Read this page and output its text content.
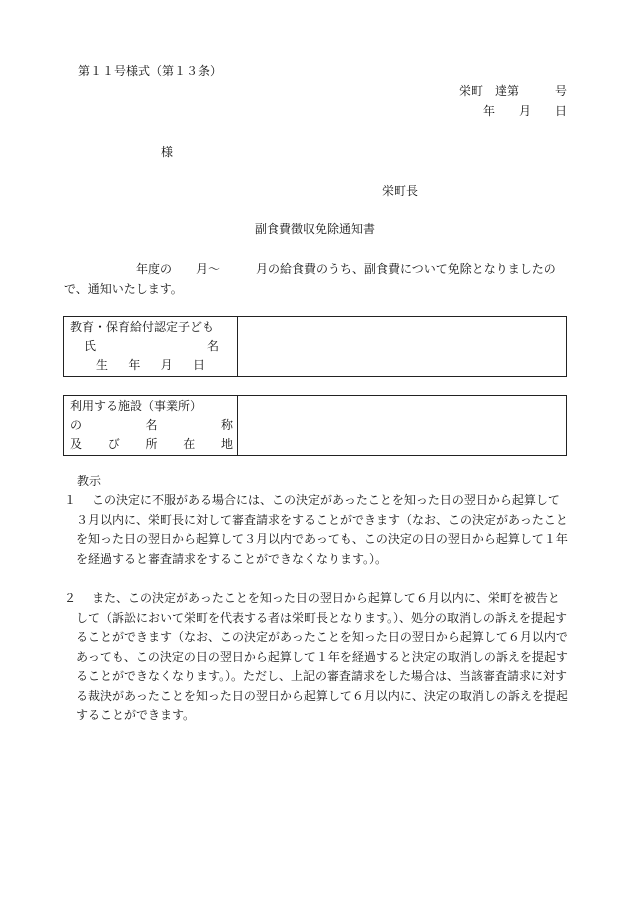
第１１号様式（第１３条）
栄町　達第　　　号
年　　月　　日
様
栄町長
副食費徴収免除通知書

年度の　　月～　　　月の給食費のうち、副食費について免除となりましたので、通知いたします。

教育・保育給付認定子ども
氏	名
生 年 月 日

利用する施設（事業所）
の	名	称
及 び 所 在 地

教示
１	この決定に不服がある場合には、この決定があったことを知った日の翌日から起算して３月以内に、栄町長に対して審査請求をすることができます（なお、この決定があったことを知った日の翌日から起算して３月以内であっても、この決定の日の翌日から起算して１年を経過すると審査請求をすることができなくなります。）。
２	また、この決定があったことを知った日の翌日から起算して６月以内に、栄町を被告として（訴訟において栄町を代表する者は栄町長となります。）、処分の取消しの訴えを提起することができます（なお、この決定があったことを知った日の翌日から起算して６月以内であっても、この決定の日の翌日から起算して１年を経過すると決定の取消しの訴えを提起することができなくなります。）。ただし、上記の審査請求をした場合は、当該審査請求に対する裁決があったことを知った日の翌日から起算して６月以内に、決定の取消しの訴えを提起することができます。
